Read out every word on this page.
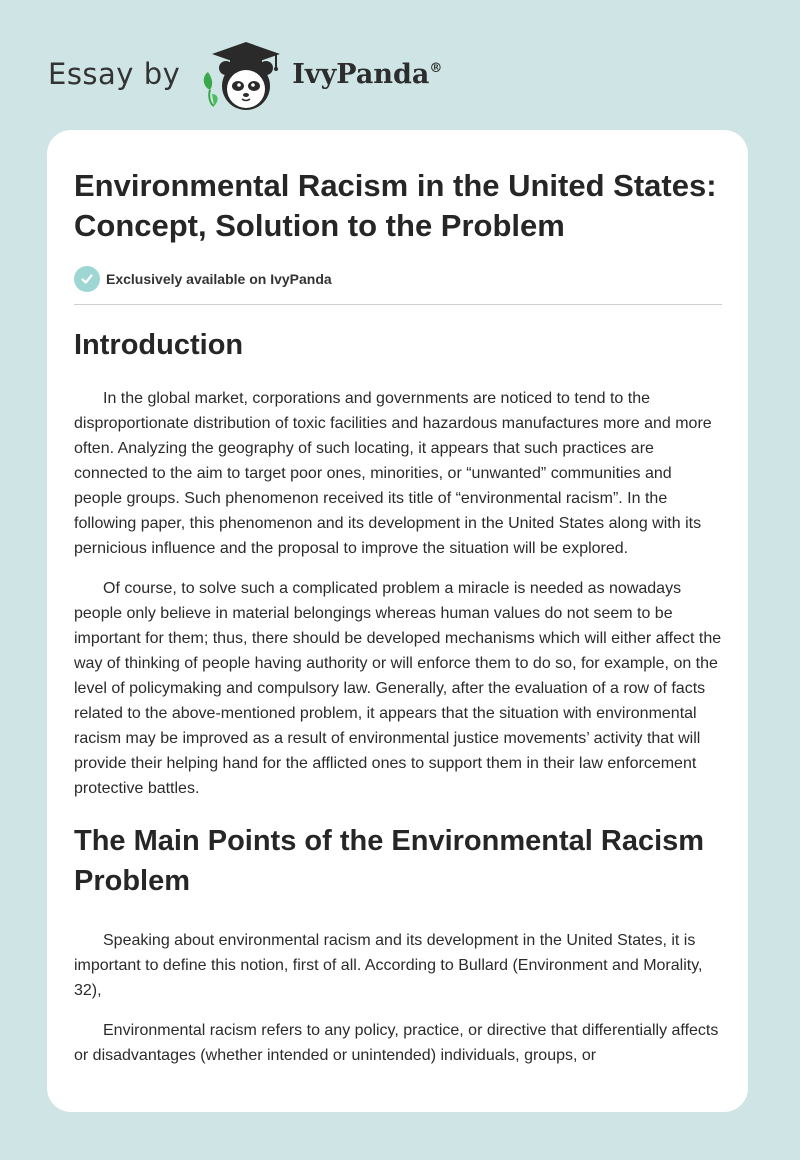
Essay by	IvyPanda®
Environmental Racism in the United States: Concept, Solution to the Problem
Exclusively available on IvyPanda
Introduction

In the global market, corporations and governments are noticed to tend to the disproportionate distribution of toxic facilities and hazardous manufactures more and more often. Analyzing the geography of such locating, it appears that such practices are connected to the aim to target poor ones, minorities, or “unwanted” communities and people groups. Such phenomenon received its title of “environmental racism”. In the following paper, this phenomenon and its development in the United States along with its pernicious influence and the proposal to improve the situation will be explored.

Of course, to solve such a complicated problem a miracle is needed as nowadays people only believe in material belongings whereas human values do not seem to be important for them; thus, there should be developed mechanisms which will either affect the way of thinking of people having authority or will enforce them to do so, for example, on the level of policymaking and compulsory law. Generally, after the evaluation of a row of facts related to the above-mentioned problem, it appears that the situation with environmental racism may be improved as a result of environmental justice movements’ activity that will provide their helping hand for the afflicted ones to support them in their law enforcement protective battles.

The Main Points of the Environmental Racism Problem

Speaking about environmental racism and its development in the United States, it is important to define this notion, first of all. According to Bullard (Environment and Morality, 32),

Environmental racism refers to any policy, practice, or directive that differentially affects or disadvantages (whether intended or unintended) individuals, groups, or
